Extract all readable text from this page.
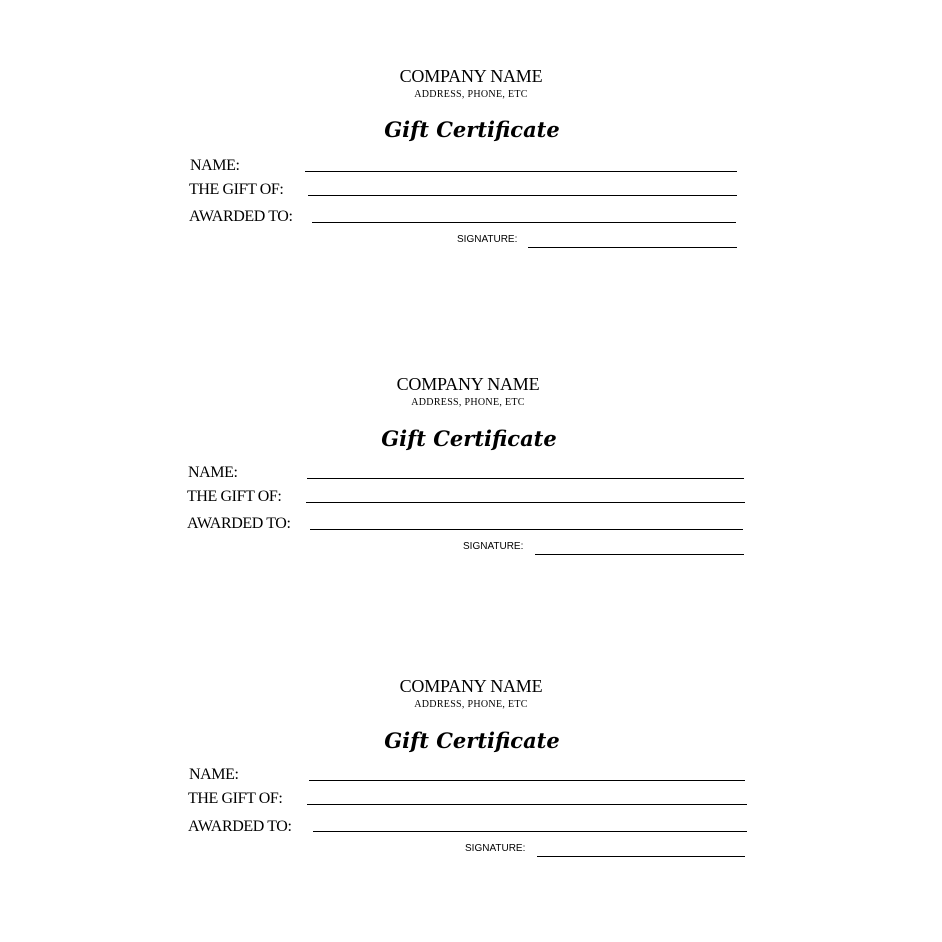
COMPANY NAME
ADDRESS, PHONE, ETC
Gift Certificate
NAME:
THE GIFT OF:
AWARDED TO:
SIGNATURE:
COMPANY NAME
ADDRESS, PHONE, ETC
Gift Certificate
NAME:
THE GIFT OF:
AWARDED TO:
SIGNATURE:
COMPANY NAME
ADDRESS, PHONE, ETC
Gift Certificate
NAME:
THE GIFT OF:
AWARDED TO:
SIGNATURE:
